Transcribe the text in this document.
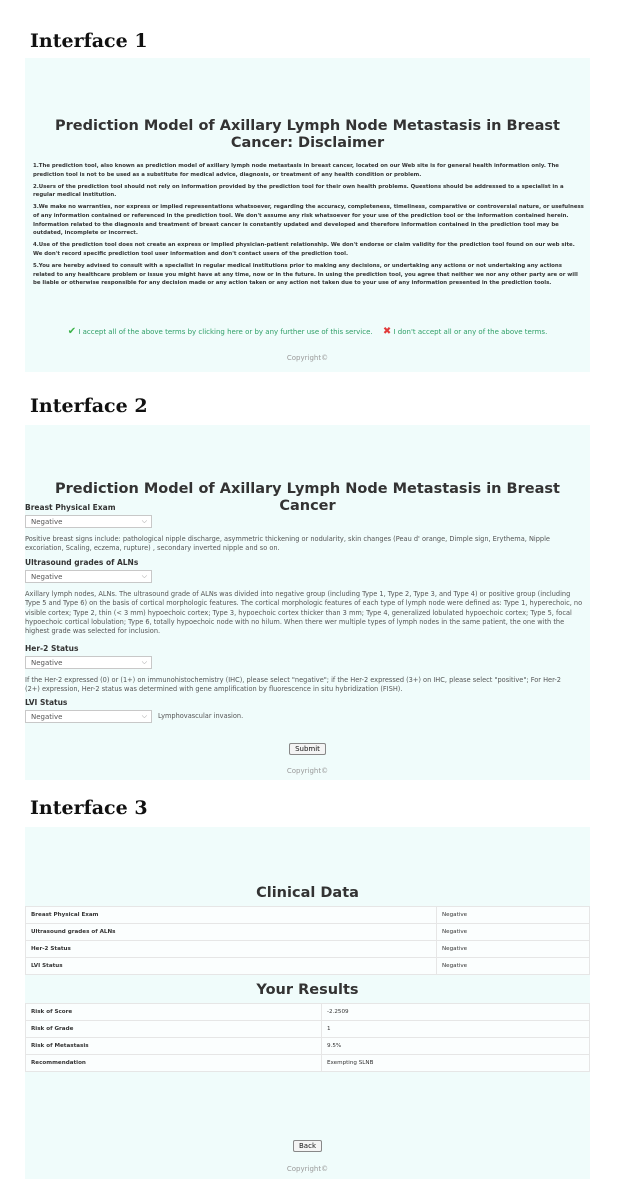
Interface 1
Prediction Model of Axillary Lymph Node Metastasis in Breast Cancer: Disclaimer

1.The prediction tool, also known as prediction model of axillary lymph node metastasis in breast cancer, located on our Web site is for general health information only. The prediction tool is not to be used as a substitute for medical advice, diagnosis, or treatment of any health condition or problem.

2.Users of the prediction tool should not rely on information provided by the prediction tool for their own health problems. Questions should be addressed to a specialist in a regular medical institution.

3.We make no warranties, nor express or implied representations whatsoever, regarding the accuracy, completeness, timeliness, comparative or controversial nature, or usefulness of any information contained or referenced in the prediction tool. We don't assume any risk whatsoever for your use of the prediction tool or the information contained herein. Information related to the diagnosis and treatment of breast cancer is constantly updated and developed and therefore information contained in the prediction tool may be outdated, incomplete or incorrect.

4.Use of the prediction tool does not create an express or implied physician-patient relationship. We don't endorse or claim validity for the prediction tool found on our web site. We don't record specific prediction tool user information and don't contact users of the prediction tool.

5.You are hereby advised to consult with a specialist in regular medical institutions prior to making any decisions, or undertaking any actions or not undertaking any actions related to any healthcare problem or issue you might have at any time, now or in the future. In using the prediction tool, you agree that neither we nor any other party are or will be liable or otherwise responsible for any decision made or any action taken or any action not taken due to your use of any information presented in the prediction tools.

✔ I accept all of the above terms by clicking here or by any further use of this service. ✖ I don't accept all or any of the above terms.
Copyright©
Interface 2
Prediction Model of Axillary Lymph Node Metastasis in Breast Cancer

Breast Physical Exam

Negative	⌵

Positive breast signs include: pathological nipple discharge, asymmetric thickening or nodularity, skin changes (Peau d' orange, Dimple sign, Erythema, Nipple excoriation, Scaling, eczema, rupture) , secondary inverted nipple and so on.

Ultrasound grades of ALNs

Negative	⌵

Axillary lymph nodes, ALNs. The ultrasound grade of ALNs was divided into negative group (including Type 1, Type 2, Type 3, and Type 4) or positive group (including Type 5 and Type 6) on the basis of cortical morphologic features. The cortical morphologic features of each type of lymph node were defined as: Type 1, hyperechoic, no visible cortex; Type 2, thin (< 3 mm) hypoechoic cortex; Type 3, hypoechoic cortex thicker than 3 mm; Type 4, generalized lobulated hypoechoic cortex; Type 5, focal hypoechoic cortical lobulation; Type 6, totally hypoechoic node with no hilum. When there wer multiple types of lymph nodes in the same patient, the one with the highest grade was selected for inclusion.

Her-2 Status

Negative	⌵

If the Her-2 expressed (0) or (1+) on immunohistochemistry (IHC), please select "negative"; if the Her-2 expressed (3+) on IHC, please select "positive"; For Her-2 (2+) expression, Her-2 status was determined with gene amplification by fluorescence in situ hybridization (FISH).

LVI Status

Negative	⌵ Lymphovascular invasion.
Submit
Copyright©
Interface 3
Clinical Data
Breast Physical Exam	Negative
Ultrasound grades of ALNs	Negative
Her-2 Status	Negative
LVI Status	Negative
Your Results
Risk of Score	-2.2509
Risk of Grade	1
Risk of Metastasis	9.5%
Recommendation	Exempting SLNB
Back
Copyright©
